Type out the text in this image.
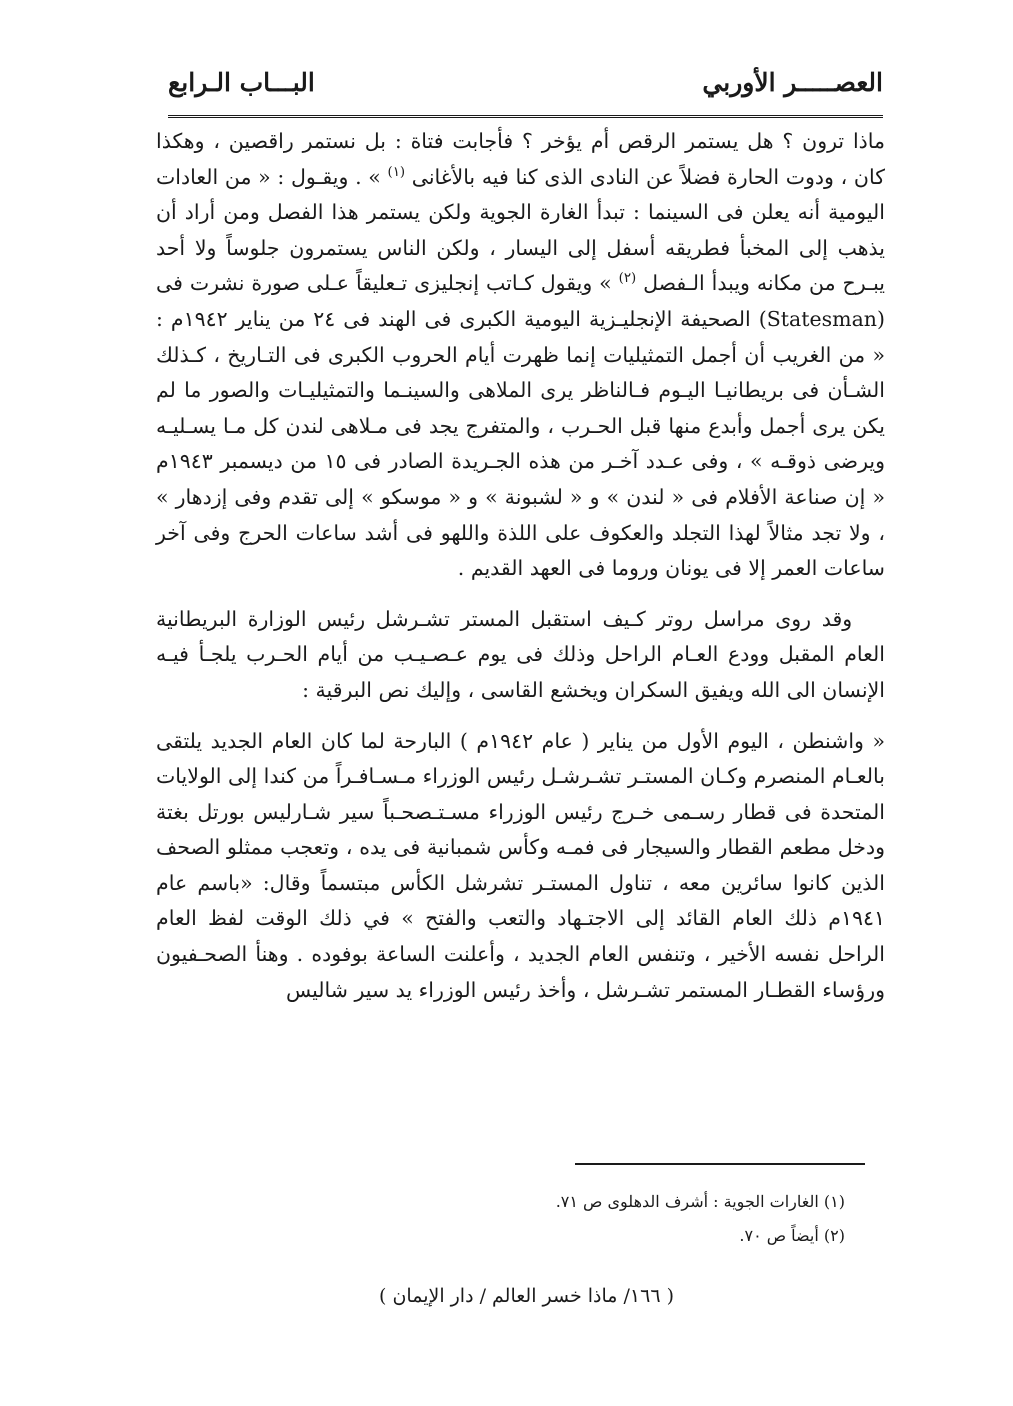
العصـــــر الأوربي
البـــاب الـرابع

ماذا ترون ؟ هل يستمر الرقص أم يؤخر ؟ فأجابت فتاة : بل نستمر راقصين ، وهكذا كان ، ودوت الحارة فضلاً عن النادى الذى كنا فيه بالأغانى $^{(١)}$ » . ويقـول : « من العادات اليومية أنه يعلن فى السينما : تبدأ الغارة الجوية ولكن يستمر هذا الفصل ومن أراد أن يذهب إلى المخبأ فطريقه أسفل إلى اليسار ، ولكن الناس يستمرون جلوساً ولا أحد يبـرح من مكانه ويبدأ الـفصل $^{(٢)}$ » ويقول كـاتب إنجليزى تـعليقاً عـلى صورة نشرت فى (Statesman) الصحيفة الإنجليـزية اليومية الكبرى فى الهند فى ٢٤ من يناير ١٩٤٢م : « من الغريب أن أجمل التمثيليات إنما ظهرت أيام الحروب الكبرى فى التـاريخ ، كـذلك الشـأن فى بريطانيـا اليـوم فـالناظر يرى الملاهى والسينـما والتمثيليـات والصور ما لم يكن يرى أجمل وأبدع منها قبل الحـرب ، والمتفرج يجد فى مـلاهى لندن كل مـا يسـليـه ويرضى ذوقـه » ، وفى عـدد آخـر من هذه الجـريدة الصادر فى ١٥ من ديسمبر ١٩٤٣م « إن صناعة الأفلام فى « لندن » و « لشبونة » و « موسكو » إلى تقدم وفى إزدهار » ، ولا تجد مثالاً لهذا التجلد والعكوف على اللذة واللهو فى أشد ساعات الحرج وفى آخر ساعات العمر إلا فى يونان وروما فى العهد القديم .

وقد روى مراسل روتر كـيف استقبل المستر تشـرشل رئيس الوزارة البريطانية العام المقبل وودع العـام الراحل وذلك فى يوم عـصـيـب من أيام الحـرب يلجـأ فيـه الإنسان الى الله ويفيق السكران ويخشع القاسى ، وإليك نص البرقية :

« واشنطن ، اليوم الأول من يناير ( عام ١٩٤٢م ) البارحة لما كان العام الجديد يلتقى بالعـام المنصرم وكـان المستـر تشـرشـل رئيس الوزراء مـسـافـراً من كندا إلى الولايات المتحدة فى قطار رسـمى خـرج رئيس الوزراء مسـتـصحـباً سير شـارليس بورتل بغتة ودخل مطعم القطار والسيجار فى فمـه وكأس شمبانية فى يده ، وتعجب ممثلو الصحف الذين كانوا سائرين معه ، تناول المستـر تشرشل الكأس مبتسماً وقال: «باسم عام ١٩٤١م ذلك العام القائد إلى الاجتـهاد والتعب والفتح » في ذلك الوقت لفظ العام الراحل نفسه الأخير ، وتنفس العام الجديد ، وأعلنت الساعة بوفوده . وهنأ الصحـفيون ورؤساء القطـار المستمر تشـرشل ، وأخذ رئيس الوزراء يد سير شاليس

(١) الغارات الجوية : أشرف الدهلوى ص ٧١.
(٢) أيضاً ص ٧٠.
( ١٦٦/ ماذا خسر العالم / دار الإيمان )
